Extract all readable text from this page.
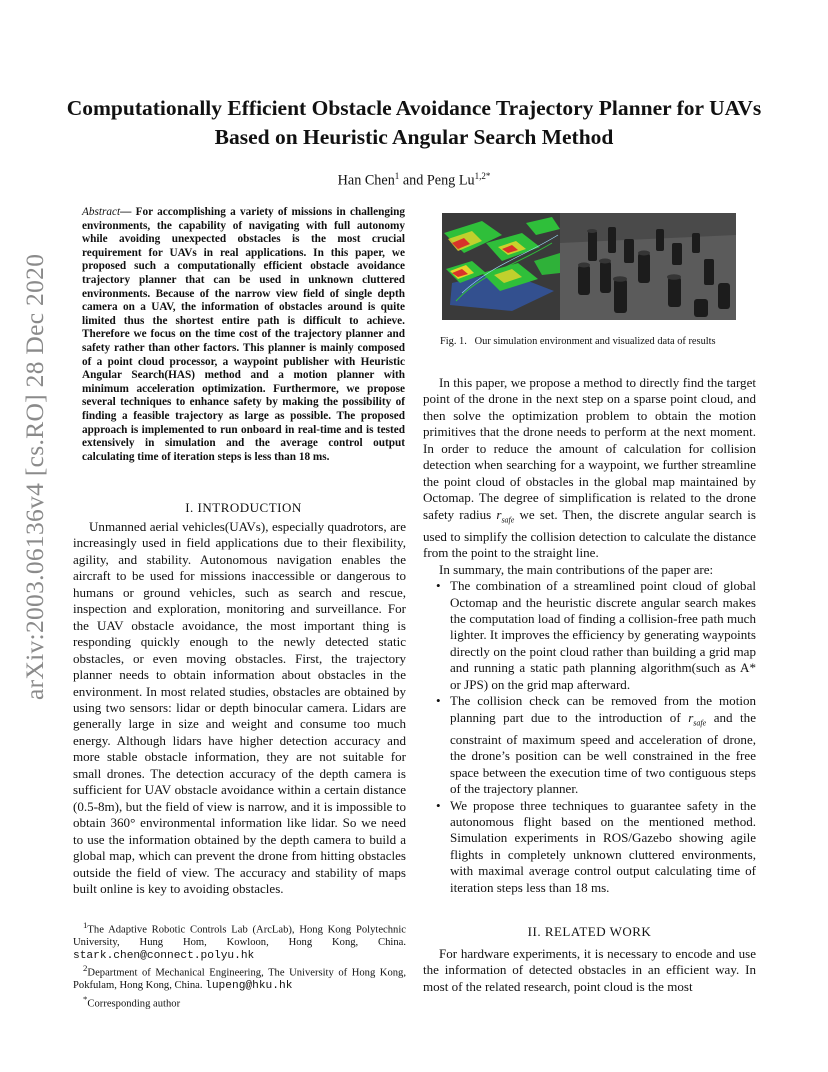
Computationally Efficient Obstacle Avoidance Trajectory Planner for UAVs Based on Heuristic Angular Search Method
Han Chen$^1$ and Peng $Lu^{1,2*}$
arXiv:2003.06136v4 [cs.RO] 28 Dec 2020
Abstract— For accomplishing a variety of missions in challenging environments, the capability of navigating with full autonomy while avoiding unexpected obstacles is the most crucial requirement for UAVs in real applications. In this paper, we proposed such a computationally efficient obstacle avoidance trajectory planner that can be used in unknown cluttered environments. Because of the narrow view field of single depth camera on a UAV, the information of obstacles around is quite limited thus the shortest entire path is difficult to achieve. Therefore we focus on the time cost of the trajectory planner and safety rather than other factors. This planner is mainly composed of a point cloud processor, a waypoint publisher with Heuristic Angular Search(HAS) method and a motion planner with minimum acceleration optimization. Furthermore, we propose several techniques to enhance safety by making the possibility of finding a feasible trajectory as large as possible. The proposed approach is implemented to run onboard in real-time and is tested extensively in simulation and the average control output calculating time of iteration steps is less than 18 ms.
I. INTRODUCTION

Unmanned aerial vehicles(UAVs), especially quadrotors, are increasingly used in field applications due to their flexibility, agility, and stability. Autonomous navigation enables the aircraft to be used for missions inaccessible or dangerous to humans or ground vehicles, such as search and rescue, inspection and exploration, monitoring and surveillance. For the UAV obstacle avoidance, the most important thing is responding quickly enough to the newly detected static obstacles, or even moving obstacles. First, the trajectory planner needs to obtain information about obstacles in the environment. In most related studies, obstacles are obtained by using two sensors: lidar or depth binocular camera. Lidars are generally large in size and weight and consume too much energy. Although lidars have higher detection accuracy and more stable obstacle information, they are not suitable for small drones. The detection accuracy of the depth camera is sufficient for UAV obstacle avoidance within a certain distance (0.5-8m), but the field of view is narrow, and it is impossible to obtain 360° environmental information like lidar. So we need to use the information obtained by the depth camera to build a global map, which can prevent the drone from hitting obstacles outside the field of view. The accuracy and stability of maps built online is key to avoiding obstacles.

$^1$The Adaptive Robotic Controls Lab (ArcLab), Hong Kong Polytechnic University, Hung Hom, Kowloon, Hong Kong, China. stark.chen@connect.polyu.hk

$^2$Department of Mechanical Engineering, The University of Hong Kong, Pokfulam, Hong Kong, China. lupeng@hku.hk

*Corresponding author

Fig. 1. Our simulation environment and visualized data of results

In this paper, we propose a method to directly find the target point of the drone in the next step on a sparse point cloud, and then solve the optimization problem to obtain the motion primitives that the drone needs to perform at the next moment. In order to reduce the amount of calculation for collision detection when searching for a waypoint, we further streamline the point cloud of obstacles in the global map maintained by Octomap. The degree of simplification is related to the drone safety radius $r_{safe}$ we set. Then, the discrete angular search is used to simplify the collision detection to calculate the distance from the point to the straight line.

In summary, the main contributions of the paper are:

• The combination of a streamlined point cloud of global Octomap and the heuristic discrete angular search makes the computation load of finding a collision-free path much lighter. It improves the efficiency by generating waypoints directly on the point cloud rather than building a grid map and running a static path planning algorithm(such as A* or JPS) on the grid map afterward.
• The collision check can be removed from the motion planning part due to the introduction of $r_{safe}$ and the constraint of maximum speed and acceleration of drone, the drone’s position can be well constrained in the free space between the execution time of two contiguous steps of the trajectory planner.
• We propose three techniques to guarantee safety in the autonomous flight based on the mentioned method. Simulation experiments in ROS/Gazebo showing agile flights in completely unknown cluttered environments, with maximal average control output calculating time of iteration steps less than 18 ms.
II. RELATED WORK

For hardware experiments, it is necessary to encode and use the information of detected obstacles in an efficient way. In most of the related research, point cloud is the most
